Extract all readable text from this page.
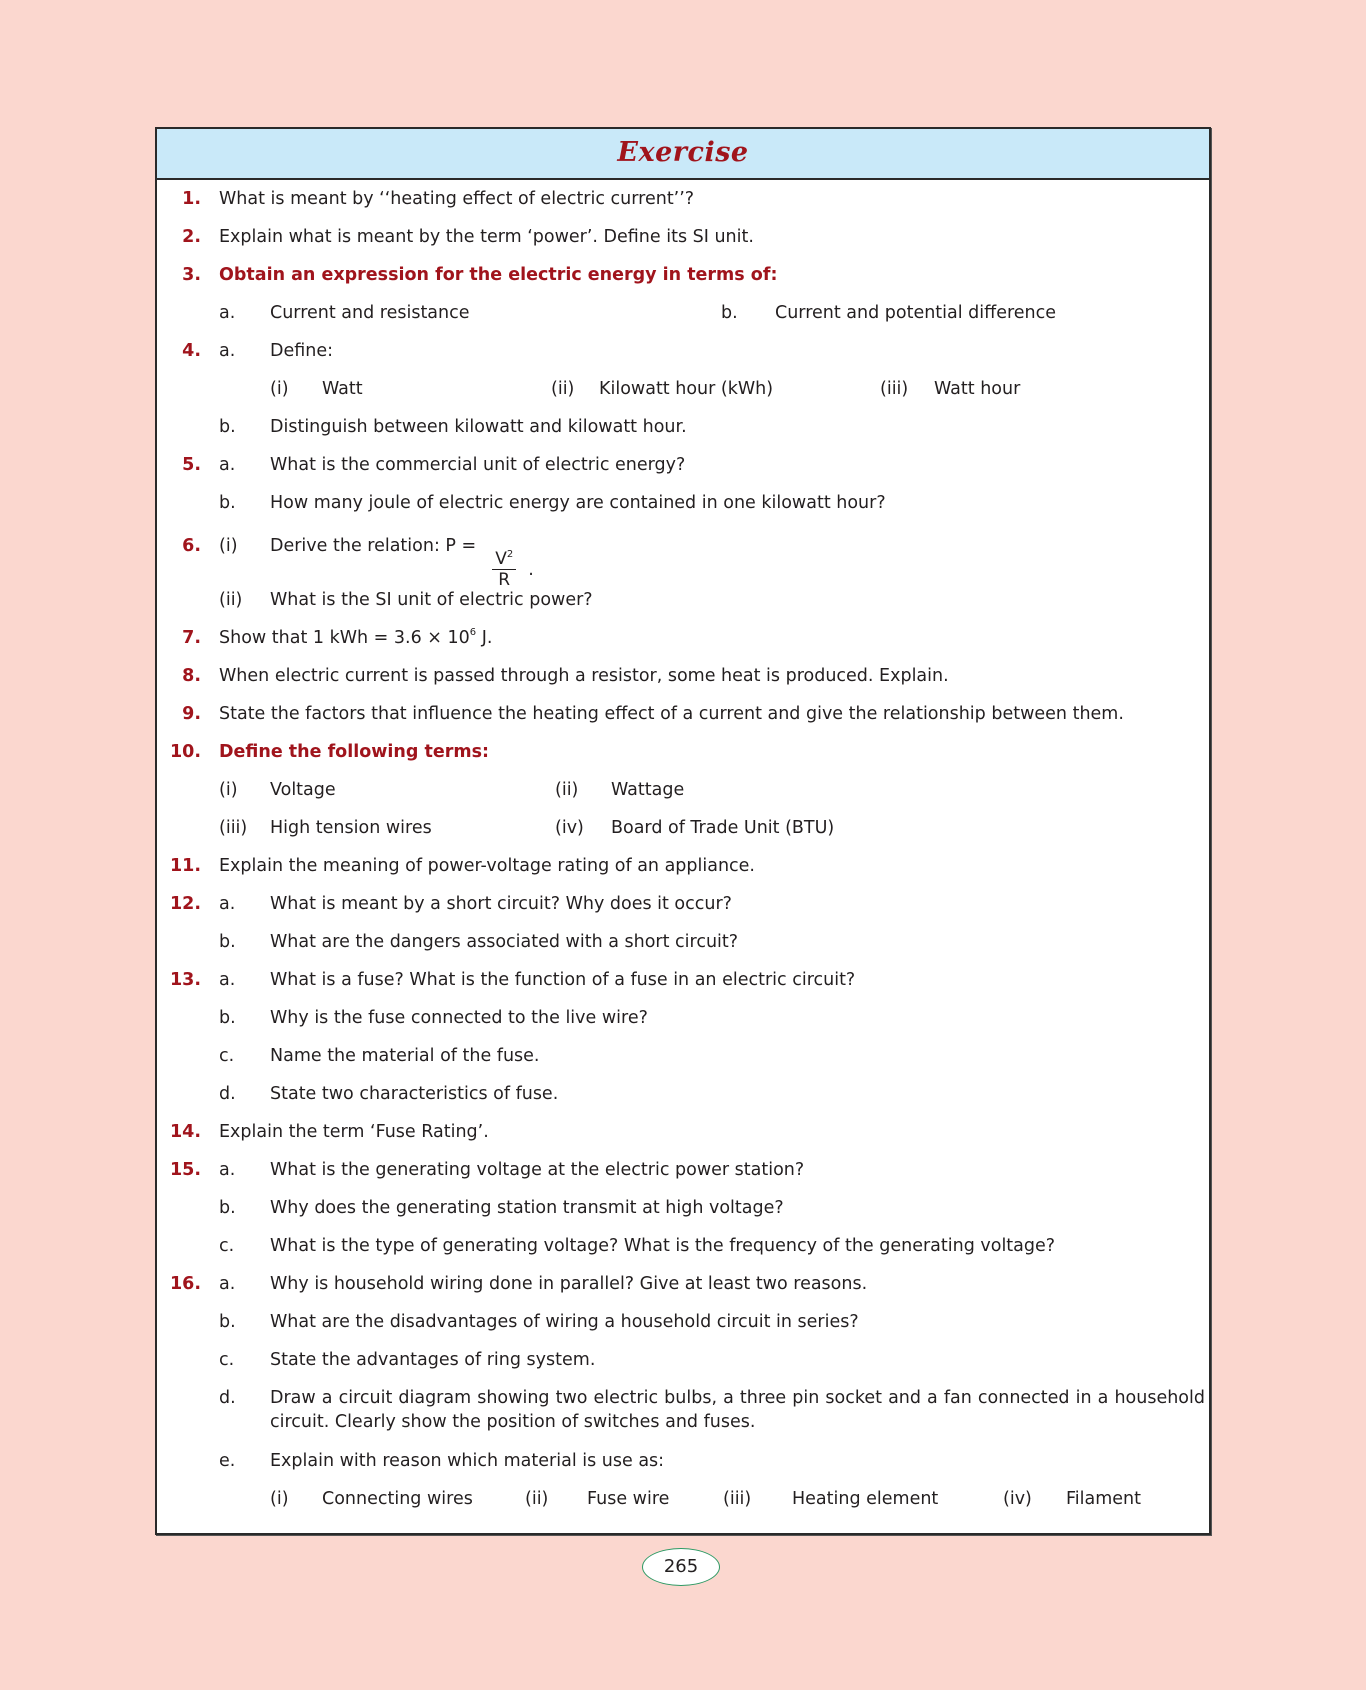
Exercise
1. What is meant by ‘‘heating effect of electric current’’?
2. Explain what is meant by the term ‘power’. Define its SI unit.
3. Obtain an expression for the electric energy in terms of:
a. Current and resistance	b. Current and potential difference
4. a. Define:
(i) Watt	(ii) Kilowatt hour (kWh)	(iii) Watt hour
b. Distinguish between kilowatt and kilowatt hour.
5. a. What is the commercial unit of electric energy?
b. How many joule of electric energy are contained in one kilowatt hour?
6. (i) Derive the relation: P =
$\frac{V^2}{R}$ .
(ii) What is the SI unit of electric power?
7. Show that 1 kWh = $3.6 \times 10^6$ J.
8. When electric current is passed through a resistor, some heat is produced. Explain.
9. State the factors that influence the heating effect of a current and give the relationship between them.
10. Define the following terms:
(i) Voltage	(ii) Wattage
(iii) High tension wires	(iv) Board of Trade Unit (BTU)
11. Explain the meaning of power-voltage rating of an appliance.
12. a. What is meant by a short circuit? Why does it occur?
b. What are the dangers associated with a short circuit?
13. a. What is a fuse? What is the function of a fuse in an electric circuit?
b. Why is the fuse connected to the live wire?
c. Name the material of the fuse.
d. State two characteristics of fuse.
14. Explain the term ‘Fuse Rating’.
15. a. What is the generating voltage at the electric power station?
b. Why does the generating station transmit at high voltage?
c. What is the type of generating voltage? What is the frequency of the generating voltage?
16. a. Why is household wiring done in parallel? Give at least two reasons.
b. What are the disadvantages of wiring a household circuit in series?
c. State the advantages of ring system.
d. Draw a circuit diagram showing two electric bulbs, a three pin socket and a fan connected in a household circuit. Clearly show the position of switches and fuses.
e. Explain with reason which material is use as:
(i) Connecting wires	(ii) Fuse wire	(iii) Heating element	(iv) Filament
265
